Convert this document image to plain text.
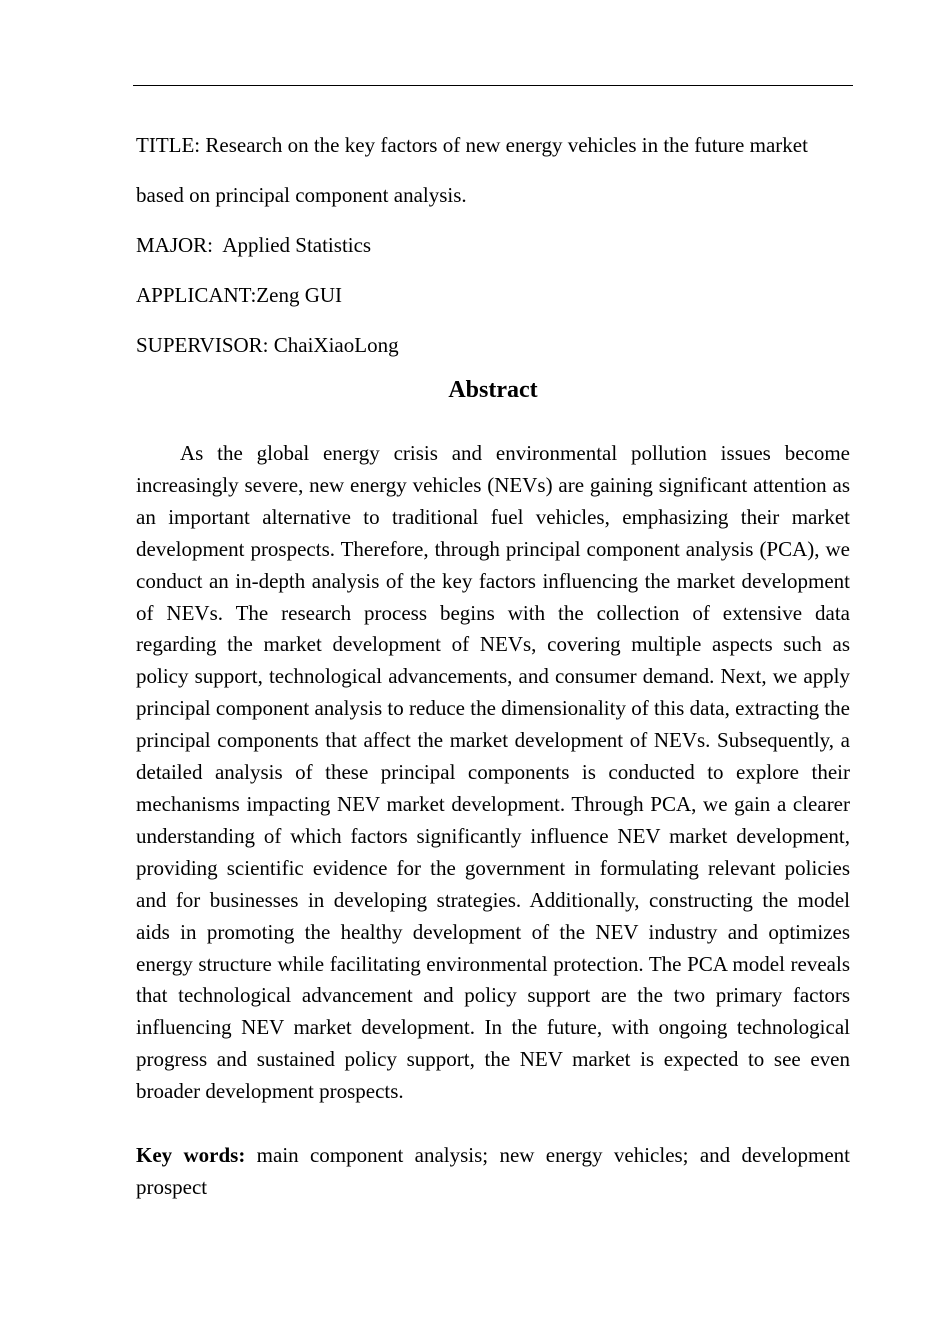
TITLE: Research on the key factors of new energy vehicles in the future market

based on principal component analysis.

MAJOR:  Applied Statistics

APPLICANT:Zeng GUI

SUPERVISOR: ChaiXiaoLong

Abstract

As the global energy crisis and environmental pollution issues become increasingly severe, new energy vehicles (NEVs) are gaining significant attention as an important alternative to traditional fuel vehicles, emphasizing their market development prospects. Therefore, through principal component analysis (PCA), we conduct an in-depth analysis of the key factors influencing the market development of NEVs. The research process begins with the collection of extensive data regarding the market development of NEVs, covering multiple aspects such as policy support, technological advancements, and consumer demand. Next, we apply principal component analysis to reduce the dimensionality of this data, extracting the principal components that affect the market development of NEVs. Subsequently, a detailed analysis of these principal components is conducted to explore their mechanisms impacting NEV market development. Through PCA, we gain a clearer understanding of which factors significantly influence NEV market development, providing scientific evidence for the government in formulating relevant policies and for businesses in developing strategies. Additionally, constructing the model aids in promoting the healthy development of the NEV industry and optimizes energy structure while facilitating environmental protection. The PCA model reveals that technological advancement and policy support are the two primary factors influencing NEV market development. In the future, with ongoing technological progress and sustained policy support, the NEV market is expected to see even broader development prospects.

Key words: main component analysis; new energy vehicles; and development prospect
